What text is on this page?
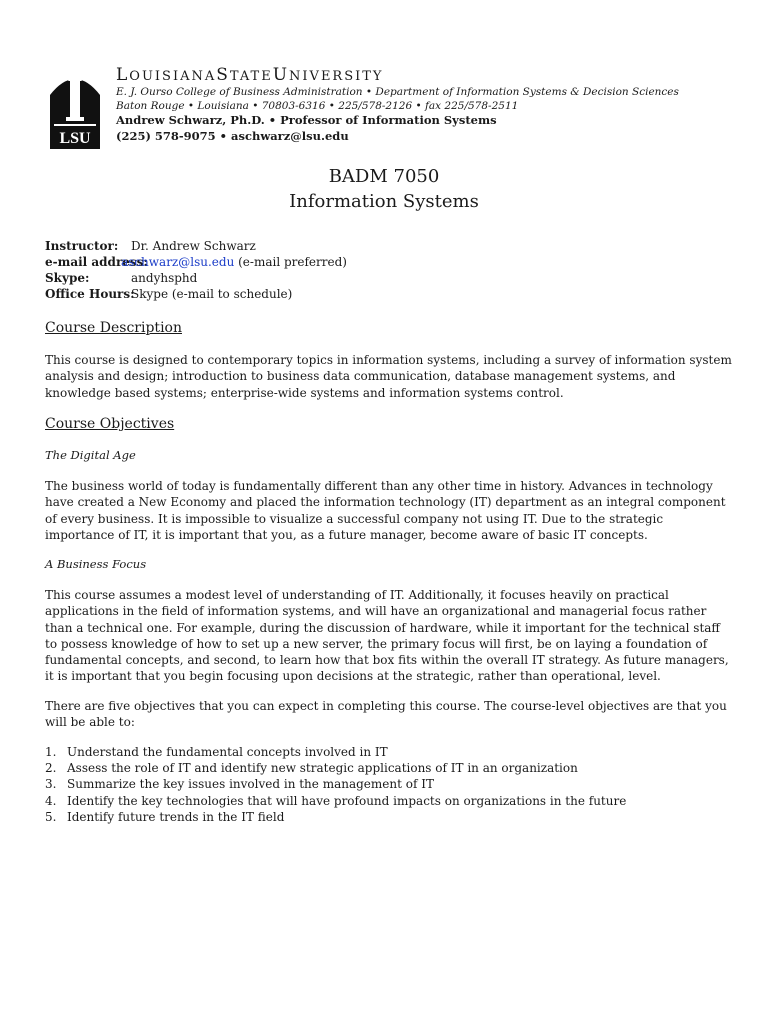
LSU
LOUISIANASTATEUNIVERSITY
E. J. Ourso College of Business Administration • Department of Information Systems & Decision Sciences
Baton Rouge • Louisiana • 70803-6316 • 225/578-2126 • fax 225/578-2511
Andrew Schwarz, Ph.D. • Professor of Information Systems
(225) 578-9075 • aschwarz@lsu.edu
BADM 7050
Information Systems
Instructor: Dr. Andrew Schwarz
e-mail address:
aschwarz@lsu.edu (e-mail preferred)
Skype:	andyhsphd
Office Hours:
Skype (e-mail to schedule)
Course Description
This course is designed to contemporary topics in information systems, including a survey of information system analysis and design; introduction to business data communication, database management systems, and knowledge based systems; enterprise-wide systems and information systems control.
Course Objectives
The Digital Age
The business world of today is fundamentally different than any other time in history. Advances in technology have created a New Economy and placed the information technology (IT) department as an integral component of every business. It is impossible to visualize a successful company not using IT. Due to the strategic importance of IT, it is important that you, as a future manager, become aware of basic IT concepts.
A Business Focus
This course assumes a modest level of understanding of IT. Additionally, it focuses heavily on practical applications in the field of information systems, and will have an organizational and managerial focus rather than a technical one. For example, during the discussion of hardware, while it important for the technical staff to possess knowledge of how to set up a new server, the primary focus will first, be on laying a foundation of fundamental concepts, and second, to learn how that box fits within the overall IT strategy. As future managers, it is important that you begin focusing upon decisions at the strategic, rather than operational, level.
There are five objectives that you can expect in completing this course. The course-level objectives are that you will be able to:
1. Understand the fundamental concepts involved in IT
2. Assess the role of IT and identify new strategic applications of IT in an organization
3. Summarize the key issues involved in the management of IT
4. Identify the key technologies that will have profound impacts on organizations in the future
5. Identify future trends in the IT field
